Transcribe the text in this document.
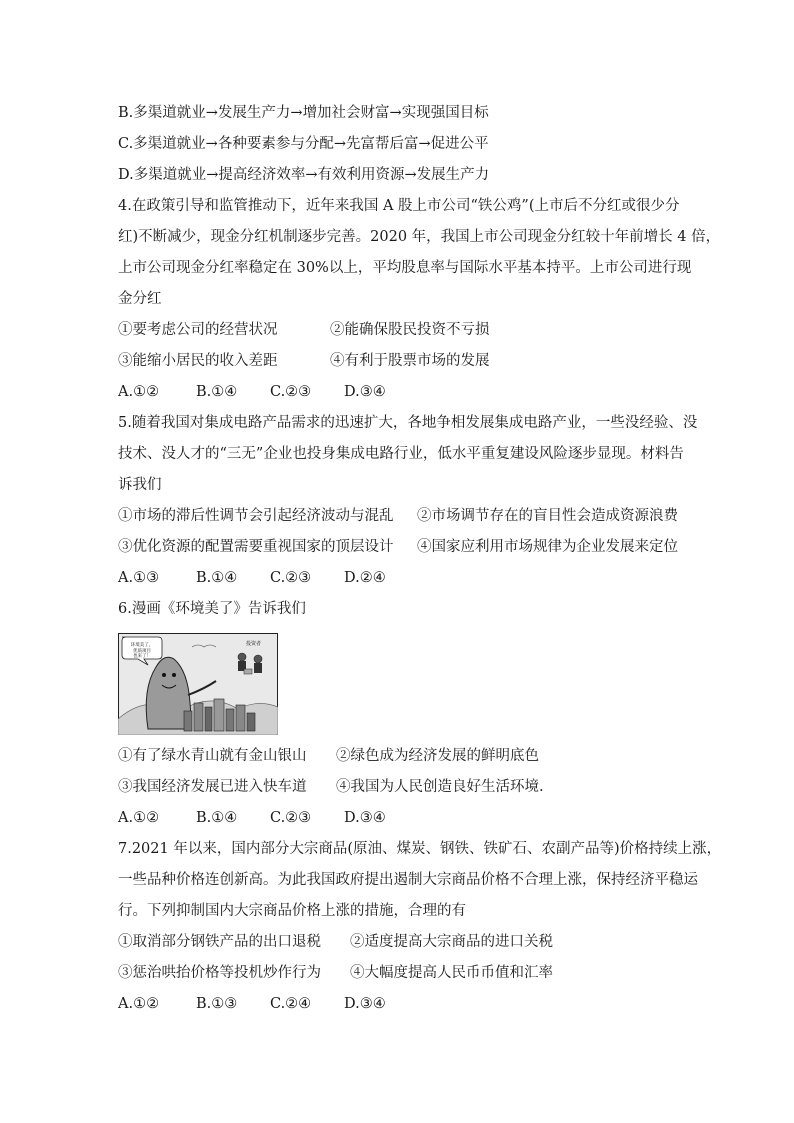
B.多渠道就业→发展生产力→增加社会财富→实现强国目标
C.多渠道就业→各种要素参与分配→先富帮后富→促进公平
D.多渠道就业→提高经济效率→有效利用资源→发展生产力
4.在政策引导和监管推动下，近年来我国 A 股上市公司“铁公鸡”(上市后不分红或很少分
红)不断减少，现金分红机制逐步完善。2020 年，我国上市公司现金分红较十年前增长 4 倍，
上市公司现金分红率稳定在 30%以上，平均股息率与国际水平基本持平。上市公司进行现
金分红
①要考虑公司的经营状况	②能确保股民投资不亏损
③能缩小居民的收入差距	④有利于股票市场的发展
A.①②	B.①④	C.②③	D.③④
5.随着我国对集成电路产品需求的迅速扩大，各地争相发展集成电路产业，一些没经验、没
技术、没人才的“三无”企业也投身集成电路行业，低水平重复建设风险逐步显现。材料告
诉我们
①市场的滞后性调节会引起经济波动与混乱	②市场调节存在的盲目性会造成资源浪费
③优化资源的配置需要重视国家的顶层设计	④国家应利用市场规律为企业发展来定位
A.①③	B.①④	C.②③	D.②④
6.漫画《环境美了》告诉我们
环境美了，
优质项目
也来了！
投资者
①有了绿水青山就有金山银山	②绿色成为经济发展的鲜明底色
③我国经济发展已进入快车道	④我国为人民创造良好生活环境.
A.①②	B.①④	C.②③	D.③④
7.2021 年以来，国内部分大宗商品(原油、煤炭、钢铁、铁矿石、农副产品等)价格持续上涨，
一些品种价格连创新高。为此我国政府提出遏制大宗商品价格不合理上涨，保持经济平稳运
行。下列抑制国内大宗商品价格上涨的措施，合理的有
①取消部分钢铁产品的出口退税	②适度提高大宗商品的进口关税
③惩治哄抬价格等投机炒作行为	④大幅度提高人民币币值和汇率
A.①②	B.①③	C.②④	D.③④
